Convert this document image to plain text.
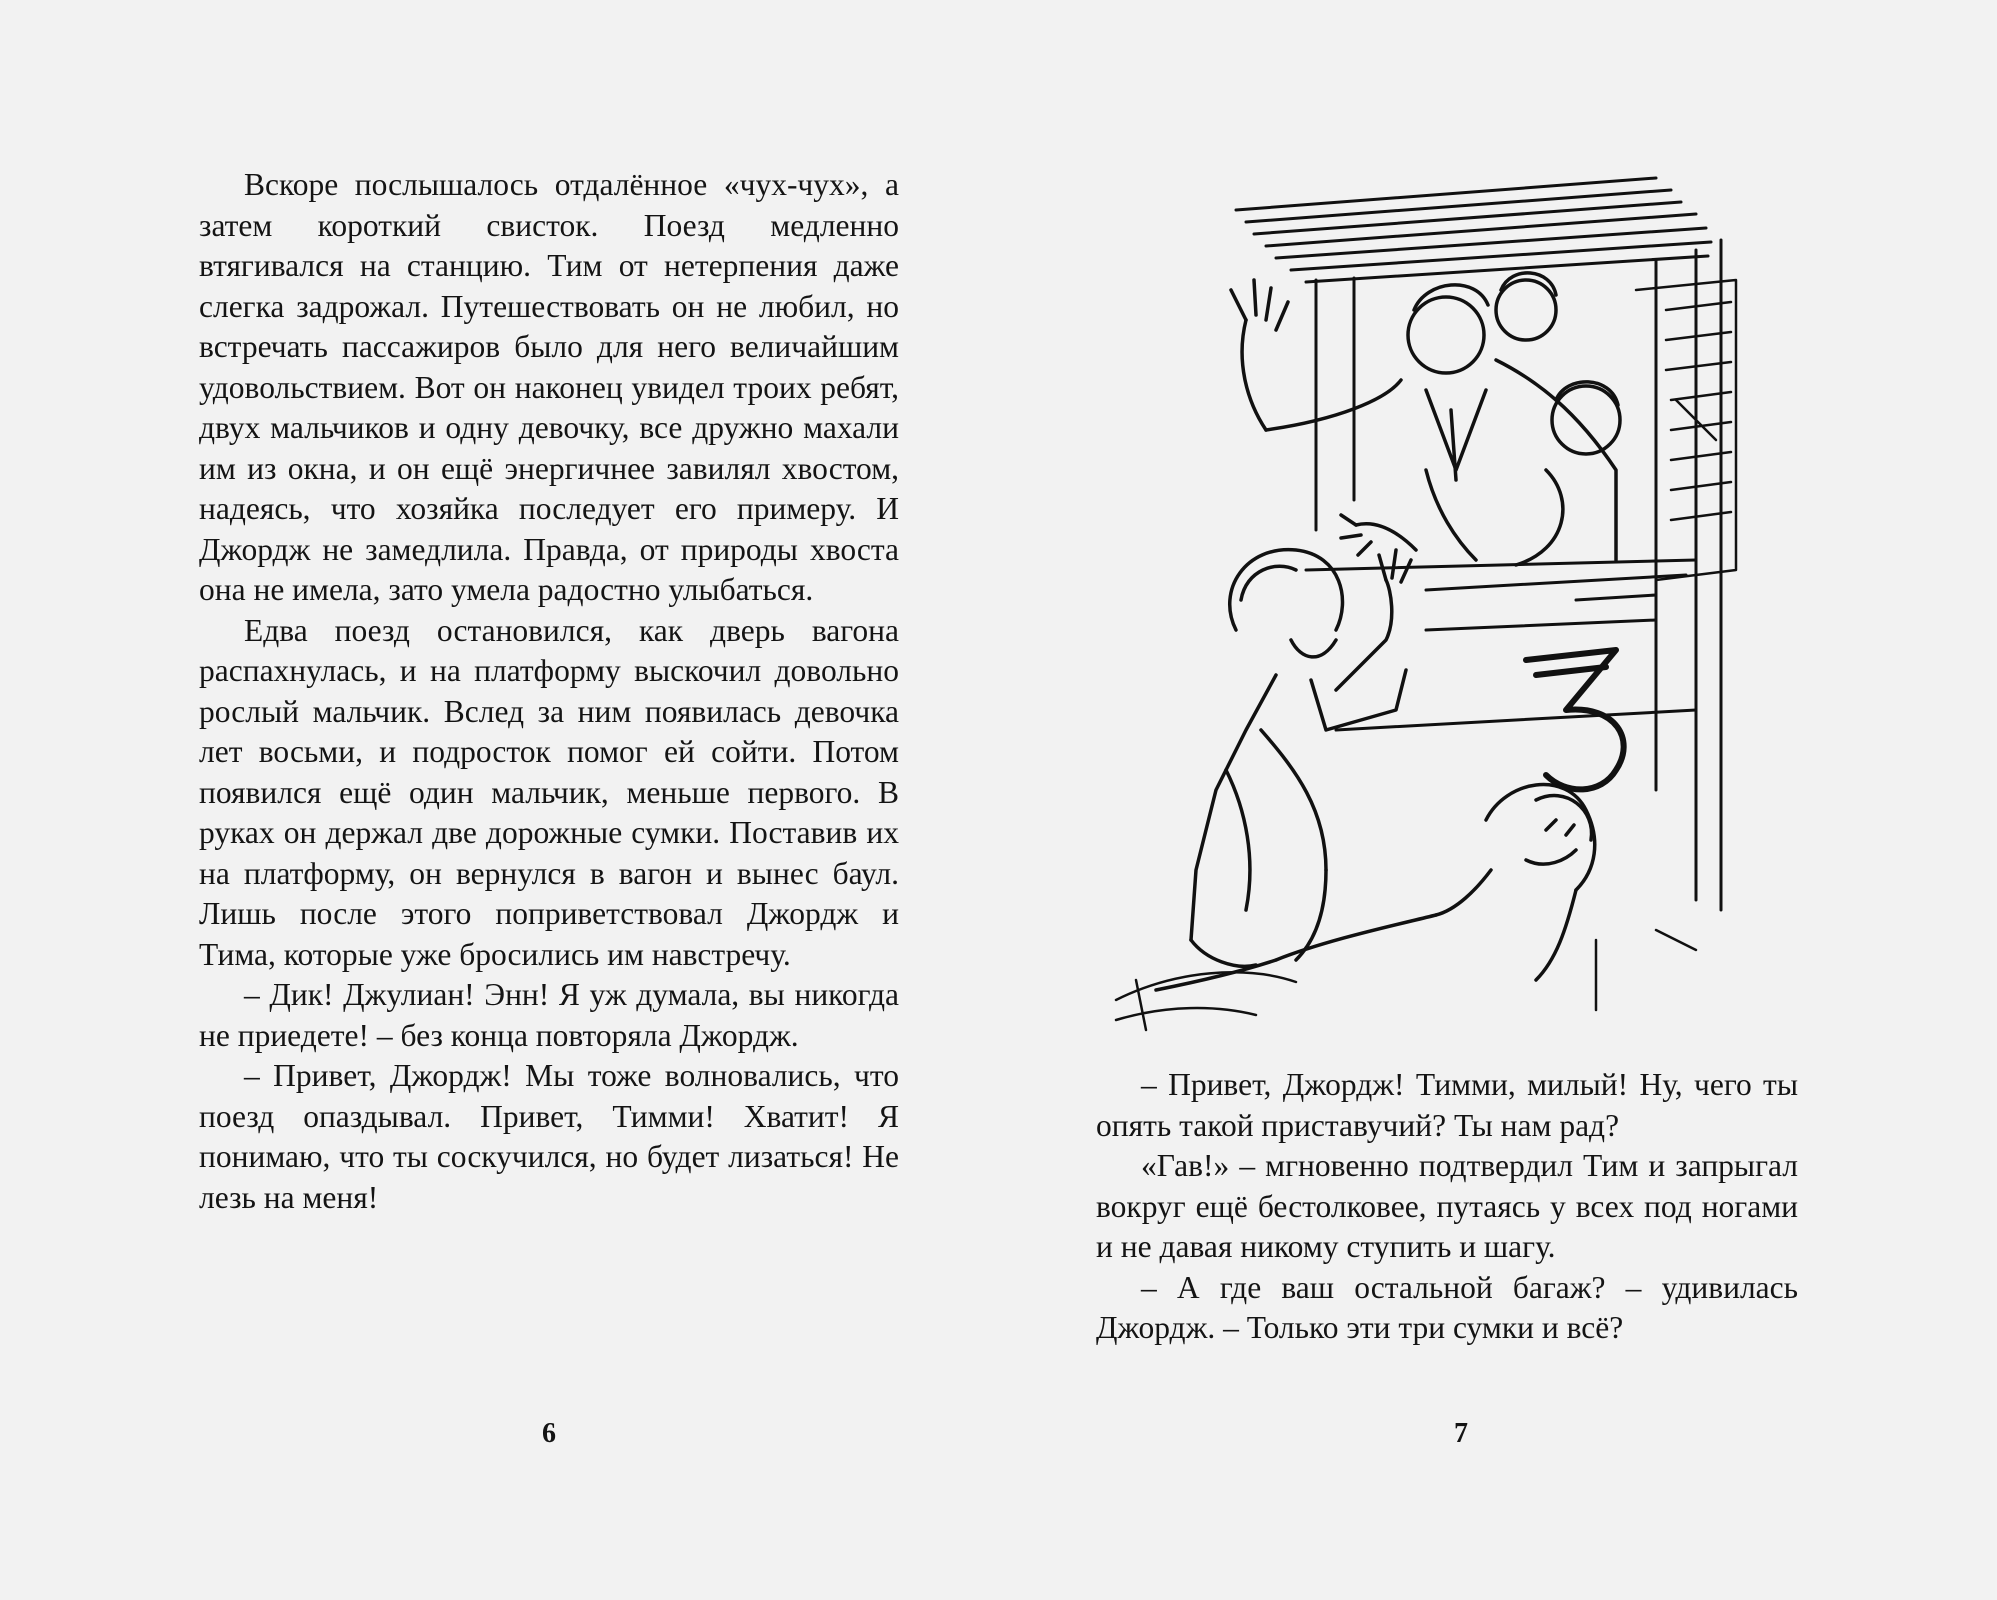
Вскоре послышалось отдалённое «чух-чух», а затем короткий свисток. Поезд медленно втягивался на станцию. Тим от нетерпения даже слегка задрожал. Путешествовать он не любил, но встречать пассажиров было для него величайшим удовольствием. Вот он наконец увидел троих ребят, двух мальчиков и одну девочку, все дружно махали им из окна, и он ещё энергичнее завилял хвостом, надеясь, что хозяйка последует его примеру. И Джордж не замедлила. Правда, от природы хвоста она не имела, зато умела радостно улыбаться.

Едва поезд остановился, как дверь вагона распахнулась, и на платформу выскочил довольно рослый мальчик. Вслед за ним появилась девочка лет восьми, и подросток помог ей сойти. Потом появился ещё один мальчик, меньше первого. В руках он держал две дорожные сумки. Поставив их на платформу, он вернулся в вагон и вынес баул. Лишь после этого поприветствовал Джордж и Тима, которые уже бросились им навстречу.

– Дик! Джулиан! Энн! Я уж думала, вы никогда не приедете! – без конца повторяла Джордж.

– Привет, Джордж! Мы тоже волновались, что поезд опаздывал. Привет, Тимми! Хватит! Я понимаю, что ты соскучился, но будет лизаться! Не лезь на меня!

6

– Привет, Джордж! Тимми, милый! Ну, чего ты опять такой приставучий? Ты нам рад?

«Гав!» – мгновенно подтвердил Тим и запрыгал вокруг ещё бестолковее, путаясь у всех под ногами и не давая никому ступить и шагу.

– А где ваш остальной багаж? – удивилась Джордж. – Только эти три сумки и всё?

7
